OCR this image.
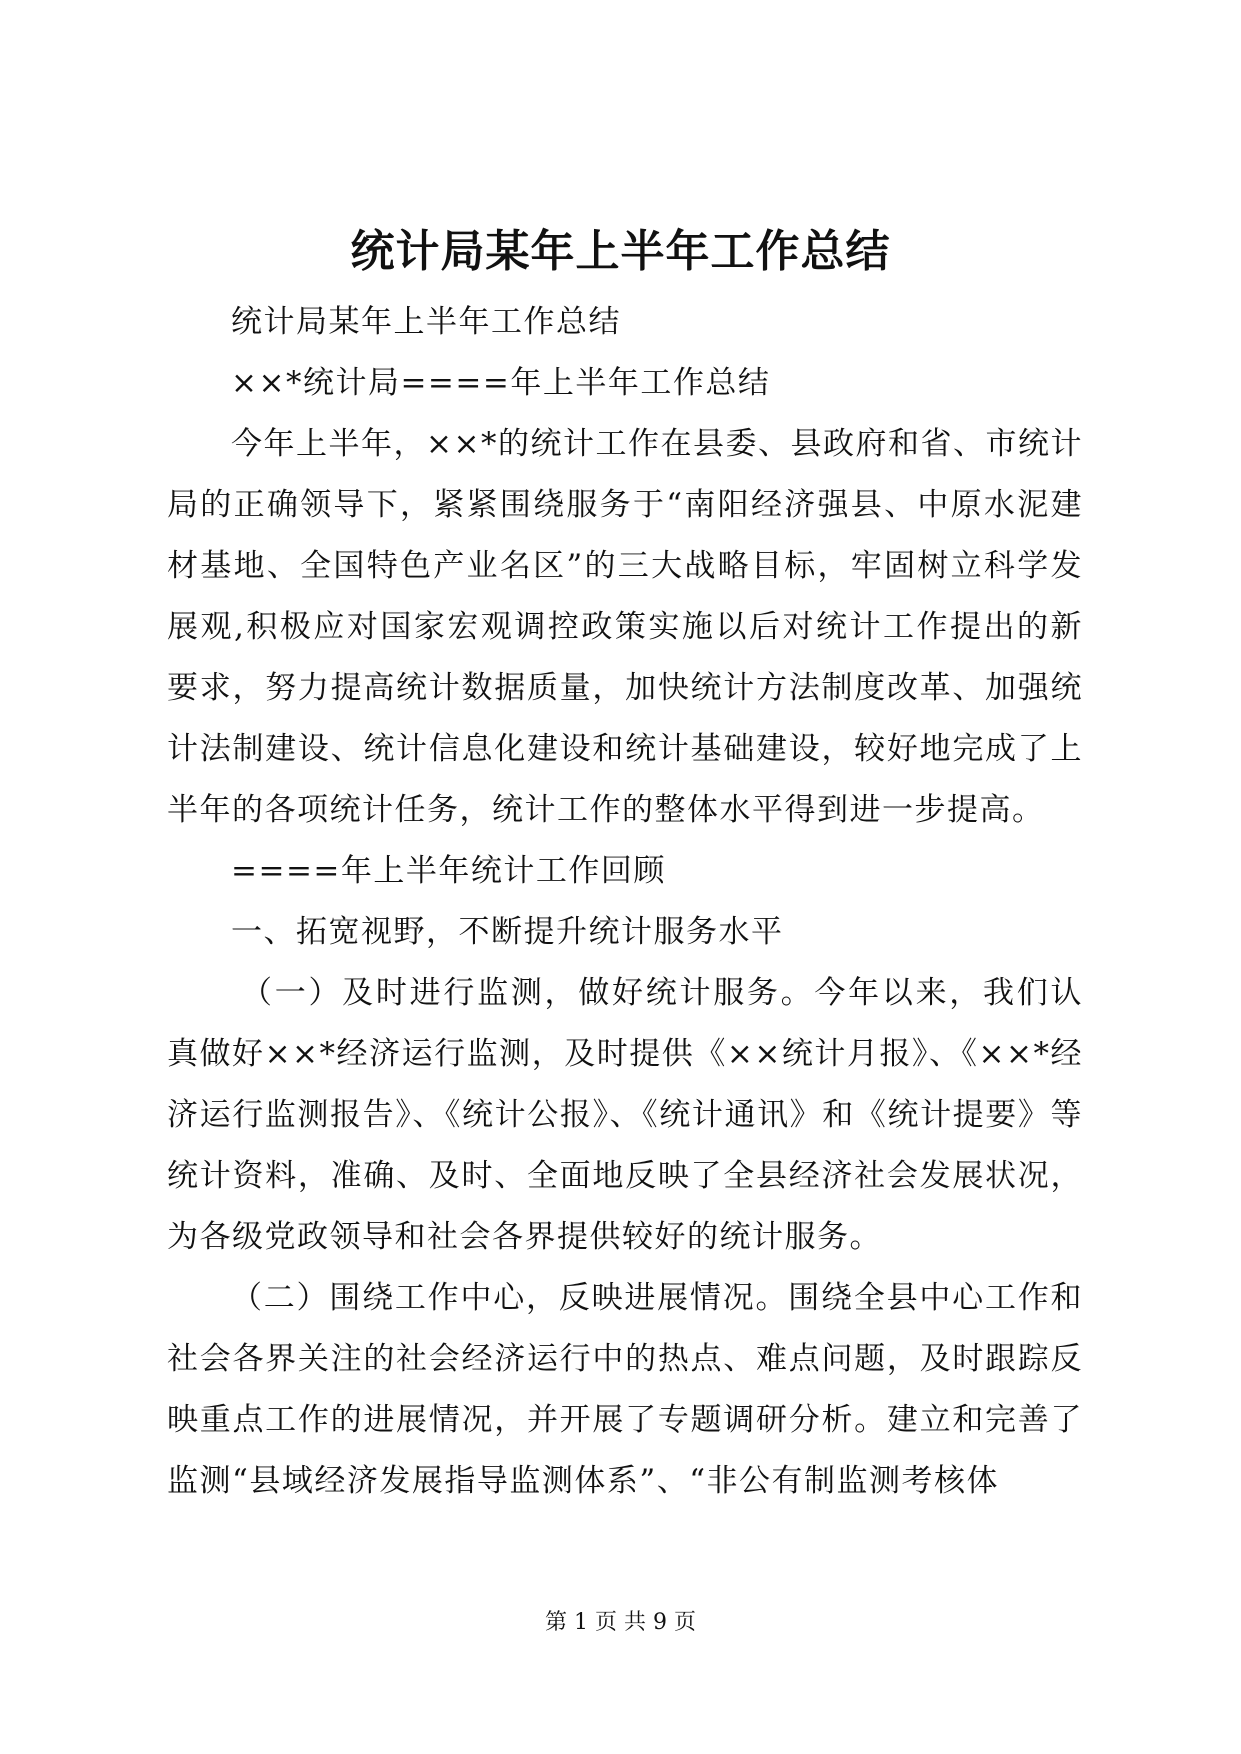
统计局某年上半年工作总结

统计局某年上半年工作总结

××*统计局====年上半年工作总结

今年上半年，××*的统计工作在县委、县政府和省、市统计局的正确领导下，紧紧围绕服务于“南阳经济强县、中原水泥建材基地、全国特色产业名区”的三大战略目标，牢固树立科学发展观,积极应对国家宏观调控政策实施以后对统计工作提出的新要求，努力提高统计数据质量，加快统计方法制度改革、加强统计法制建设、统计信息化建设和统计基础建设，较好地完成了上半年的各项统计任务，统计工作的整体水平得到进一步提高。

====年上半年统计工作回顾

一、拓宽视野，不断提升统计服务水平

（一）及时进行监测，做好统计服务。今年以来，我们认真做好××*经济运行监测，及时提供《××统计月报》、《××*经济运行监测报告》、《统计公报》、《统计通讯》和《统计提要》等统计资料，准确、及时、全面地反映了全县经济社会发展状况，为各级党政领导和社会各界提供较好的统计服务。

（二）围绕工作中心，反映进展情况。围绕全县中心工作和社会各界关注的社会经济运行中的热点、难点问题，及时跟踪反映重点工作的进展情况，并开展了专题调研分析。建立和完善了监测“县域经济发展指导监测体系”、“非公有制监测考核体

第 1 页 共 9 页
